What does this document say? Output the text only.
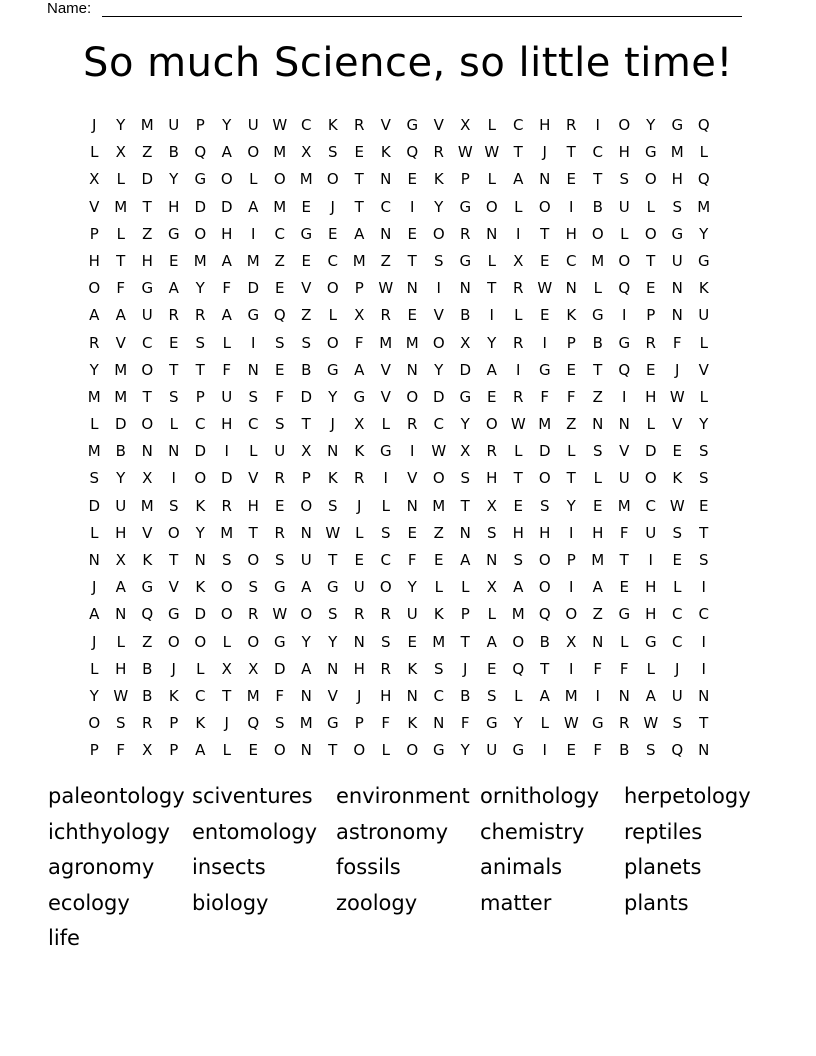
Name:
So much Science, so little time!
J	Y	M U	P	Y	U W C	K	R	V	G	V	X	L	C	H	R	I	O	Y	G Q
L	X	Z	B	Q	A	O M X	S	E	K	Q	R W W T	J	T	C	H	G M	L
X	L	D	Y	G O	L	O M O	T	N	E	K	P	L	A	N	E	T	S	O H Q
V M	T	H	D D	A M	E	J	T	C	I	Y	G O	L	O	I	B	U	L	S	M
P	L	Z	G O H	I	C	G	E	A	N	E	O	R	N	I	T	H O	L	O G	Y
H	T	H	E	M A M Z	E	C M Z	T	S	G	L	X	E	C M O	T	U	G
O	F	G	A	Y	F	D	E	V	O	P W N	I	N	T	R W N	L	Q	E	N	K
A	A	U	R	R	A	G Q	Z	L	X	R	E	V	B	I	L	E	K	G	I	P	N	U
R	V	C	E	S	L	I	S	S	O	F	M M O	X	Y	R	I	P	B	G	R	F	L
Y	M O	T	T	F	N	E	B	G	A	V	N	Y	D	A	I	G	E	T	Q	E	J	V
M M	T	S	P	U	S	F	D	Y	G	V	O D G	E	R	F	F	Z	I	H W L
L	D O	L	C	H	C	S	T	J	X	L	R	C	Y	O W M Z	N	N	L	V	Y
M B	N	N	D	I	L	U	X	N	K	G	I	W X	R	L	D	L	S	V	D	E	S
S	Y	X	I	O D	V	R	P	K	R	I	V	O	S	H	T	O	T	L	U	O	K	S
D	U M	S	K	R	H	E	O	S	J	L	N M	T	X	E	S	Y	E	M C W E
L	H	V	O	Y	M	T	R	N W L	S	E	Z	N	S	H	H	I	H	F	U	S	T
N	X	K	T	N	S	O	S	U	T	E	C	F	E	A	N	S	O	P	M	T	I	E	S
J	A	G	V	K	O	S	G	A	G	U	O	Y	L	L	X	A	O	I	A	E	H	L	I
A	N Q G D O	R W O	S	R	R	U	K	P	L	M Q O	Z	G	H	C	C
J	L	Z	O O	L	O G	Y	Y	N	S	E	M	T	A	O	B	X	N	L	G	C	I
L	H	B	J	L	X	X	D	A	N	H	R	K	S	J	E	Q	T	I	F	F	L	J	I
Y W B	K	C	T	M	F	N	V	J	H	N	C	B	S	L	A M	I	N	A	U	N
O	S	R	P	K	J	Q	S	M G	P	F	K	N	F	G	Y	L W G	R W S	T
P	F	X	P	A	L	E	O N	T	O	L	O G	Y	U	G	I	E	F	B	S	Q N
paleontology sciventures	environment ornithology	herpetology
ichthyology	entomology astronomy	chemistry	reptiles
agronomy	insects	fossils	animals	planets
ecology	biology	zoology	matter	plants
life
